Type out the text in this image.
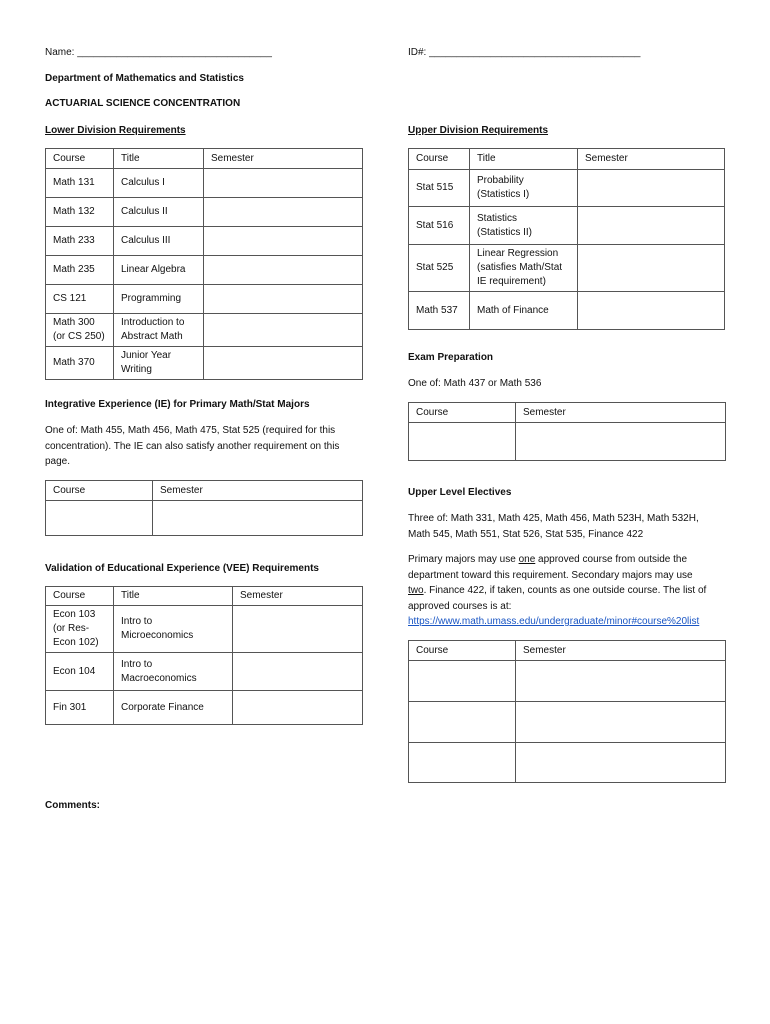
Name: ___________________________________	ID#: ______________________________________
Department of Mathematics and Statistics
ACTUARIAL SCIENCE CONCENTRATION
Lower Division Requirements
Course	Title	Semester
Math 131	Calculus I	
Math 132	Calculus II	
Math 233	Calculus III	
Math 235	Linear Algebra	
CS 121	Programming	
Math 300
(or CS 250)	Introduction to
Abstract Math	
Math 370	Junior Year
Writing	
Upper Division Requirements
Course	Title	Semester
Stat 515	Probability
(Statistics I)	
Stat 516	Statistics
(Statistics II)	
Stat 525	Linear Regression
(satisfies Math/Stat
IE requirement)	
Math 537	Math of Finance	
Exam Preparation
One of: Math 437 or Math 536
Course	Semester

Integrative Experience (IE) for Primary Math/Stat Majors
One of: Math 455, Math 456, Math 475, Stat 525 (required for this
concentration). The IE can also satisfy another requirement on this
page.
Course	Semester
		Upper Level Electives
Three of: Math 331, Math 425, Math 456, Math 523H, Math 532H,
Math 545, Math 551, Stat 526, Stat 535, Finance 422
Primary majors may use one approved course from outside the
department toward this requirement. Secondary majors may use
two. Finance 422, if taken, counts as one outside course. The list of
approved courses is at:
https://www.math.umass.edu/undergraduate/minor#course%20list
Course	Semester

Validation of Educational Experience (VEE) Requirements
Course	Title	Semester
Econ 103
(or Res-
Econ 102)	Intro to
Microeconomics	
Econ 104	Intro to
Macroeconomics	
Fin 301	Corporate Finance	
Comments:
